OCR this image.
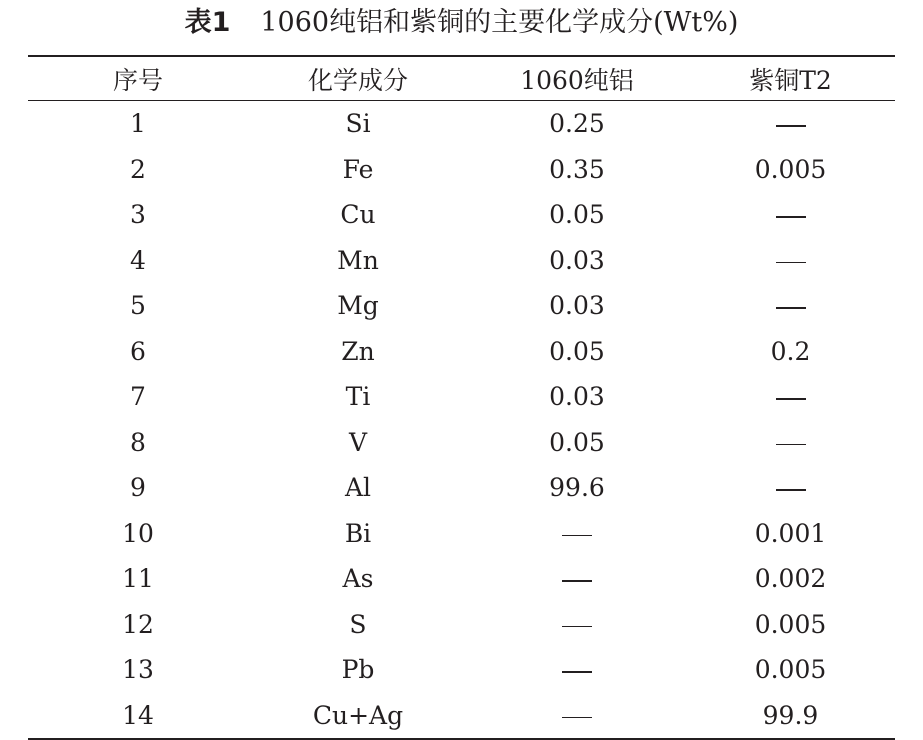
表1 1060纯铝和紫铜的主要化学成分(Wt%)
序号	化学成分	1060纯铝	紫铜T2

1	Si	0.25	
2	Fe	0.35	0.005
3	Cu	0.05	
4	Mn	0.03	
5	Mg	0.03	
6	Zn	0.05	0.2
7	Ti	0.03	
8	V	0.05	
9	Al	99.6	
10	Bi		0.001
11	As		0.002
12	S		0.005
13	Pb		0.005
14	Cu+Ag		99.9
